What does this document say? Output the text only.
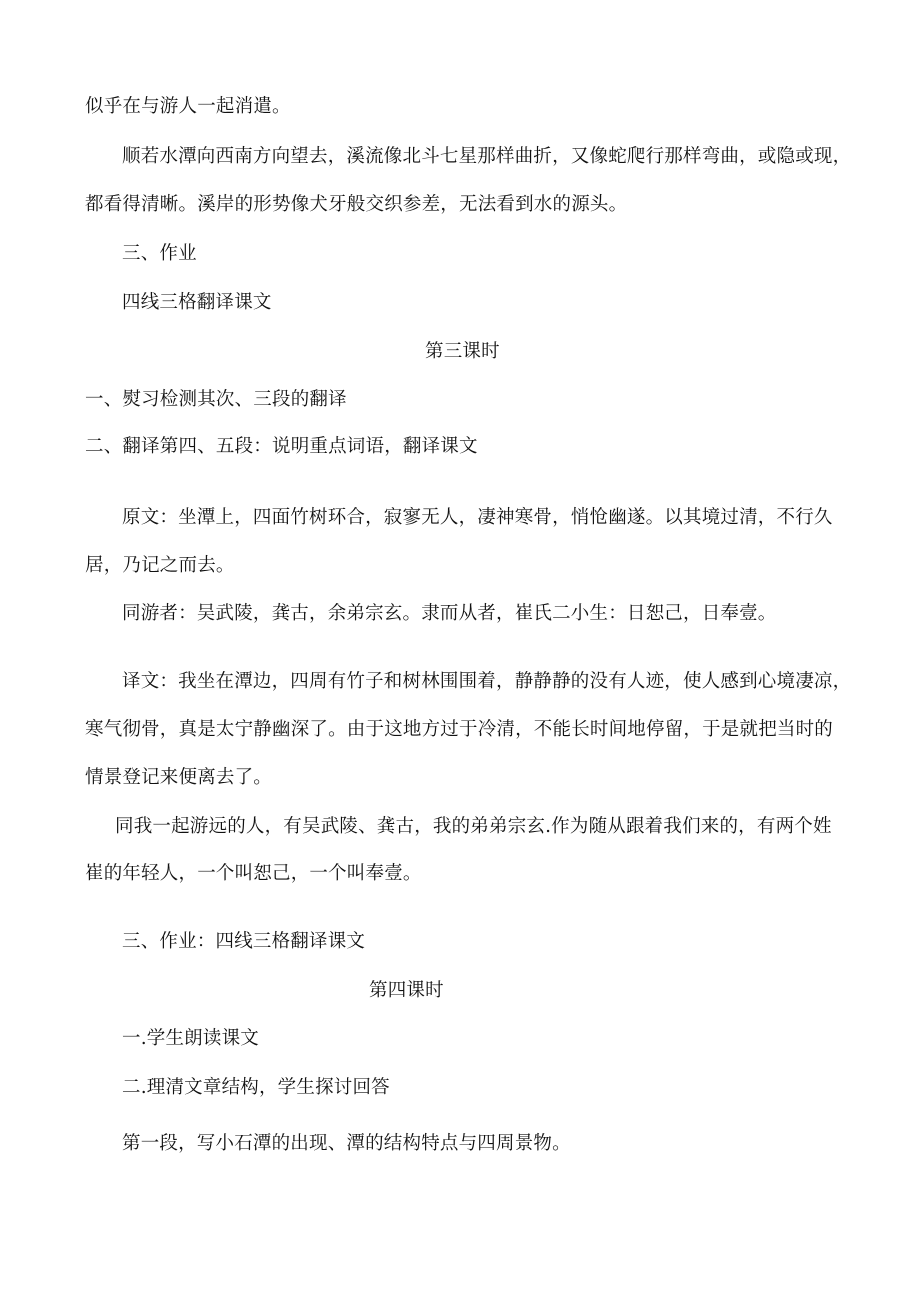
似乎在与游人一起消遣。
顺若水潭向西南方向望去，溪流像北斗七星那样曲折，又像蛇爬行那样弯曲，或隐或现，
都看得清晰。溪岸的形势像犬牙般交织参差，无法看到水的源头。
三、作业
四线三格翻译课文
第三课时
一、熨习检测其次、三段的翻译
二、翻译第四、五段：说明重点词语，翻译课文
原文：坐潭上，四面竹树环合，寂寥无人，凄神寒骨，悄怆幽遂。以其境过清，不行久
居，乃记之而去。
同游者：吴武陵，龚古，余弟宗玄。隶而从者，崔氏二小生：日恕己，日奉壹。
译文：我坐在潭边，四周有竹子和树林围围着，静静静的没有人迹，使人感到心境凄凉，
寒气彻骨，真是太宁静幽深了。由于这地方过于冷清，不能长时间地停留，于是就把当时的
情景登记来便离去了。
同我一起游远的人，有吴武陵、龚古，我的弟弟宗玄.作为随从跟着我们来的，有两个姓
崔的年轻人，一个叫恕己，一个叫奉壹。
三、作业：四线三格翻译课文
第四课时
一.学生朗读课文
二.理清文章结构，学生探讨回答
第一段，写小石潭的出现、潭的结构特点与四周景物。
